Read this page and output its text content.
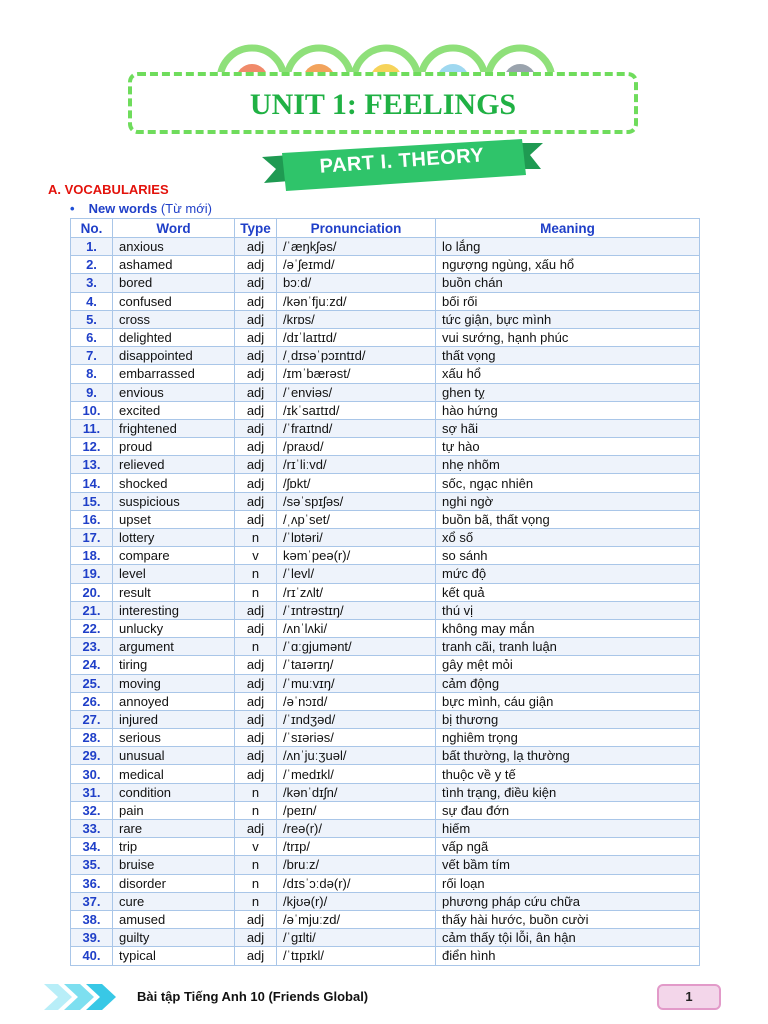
UNIT 1: FEELINGS
PART I. THEORY
A. VOCABULARIES
• New words (Từ mới)
No.	Word	Type	Pronunciation	Meaning
1.	anxious	adj	/ˈæŋkʃəs/	lo lắng
2.	ashamed	adj	/əˈʃeɪmd/	ngượng ngùng, xấu hổ
3.	bored	adj	bɔːd/	buồn chán
4.	confused	adj	/kənˈfjuːzd/	bối rối
5.	cross	adj	/krɒs/	tức giận, bực mình
6.	delighted	adj	/dɪˈlaɪtɪd/	vui sướng, hạnh phúc
7.	disappointed	adj	/ˌdɪsəˈpɔɪntɪd/	thất vọng
8.	embarrassed	adj	/ɪmˈbærəst/	xấu hổ
9.	envious	adj	/ˈenviəs/	ghen tỵ
10.	excited	adj	/ɪkˈsaɪtɪd/	hào hứng
11.	frightened	adj	/ˈfraɪtnd/	sợ hãi
12.	proud	adj	/praʊd/	tự hào
13.	relieved	adj	/rɪˈliːvd/	nhẹ nhõm
14.	shocked	adj	/ʃɒkt/	sốc, ngạc nhiên
15.	suspicious	adj	/səˈspɪʃəs/	nghi ngờ
16.	upset	adj	/ˌʌpˈset/	buồn bã, thất vọng
17.	lottery	n	/ˈlɒtəri/	xổ số
18.	compare	v	kəmˈpeə(r)/	so sánh
19.	level	n	/ˈlevl/	mức độ
20.	result	n	/rɪˈzʌlt/	kết quả
21.	interesting	adj	/ˈɪntrəstɪŋ/	thú vị
22.	unlucky	adj	/ʌnˈlʌki/	không may mắn
23.	argument	n	/ˈɑːɡjumənt/	tranh cãi, tranh luận
24.	tiring	adj	/ˈtaɪərɪŋ/	gây mệt mỏi
25.	moving	adj	/ˈmuːvɪŋ/	cảm động
26.	annoyed	adj	/əˈnɔɪd/	bực mình, cáu giận
27.	injured	adj	/ˈɪndʒəd/	bị thương
28.	serious	adj	/ˈsɪəriəs/	nghiêm trọng
29.	unusual	adj	/ʌnˈjuːʒuəl/	bất thường, lạ thường
30.	medical	adj	/ˈmedɪkl/	thuộc về y tế
31.	condition	n	/kənˈdɪʃn/	tình trạng, điều kiện
32.	pain	n	/peɪn/	sự đau đớn
33.	rare	adj	/reə(r)/	hiếm
34.	trip	v	/trɪp/	vấp ngã
35.	bruise	n	/bruːz/	vết bầm tím
36.	disorder	n	/dɪsˈɔːdə(r)/	rối loạn
37.	cure	n	/kjʊə(r)/	phương pháp cứu chữa
38.	amused	adj	/əˈmjuːzd/	thấy hài hước, buồn cười
39.	guilty	adj	/ˈɡɪlti/	cảm thấy tội lỗi, ân hận
40.	typical	adj	/ˈtɪpɪkl/	điển hình
Bài tập Tiếng Anh 10 (Friends Global)	1
